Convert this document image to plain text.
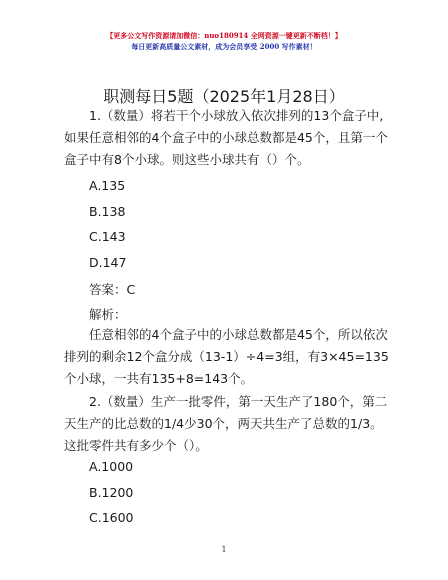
【更多公文写作资源请加微信：nuo180914 全网资源一键更新不断档！】
每日更新高质量公文素材，成为会员享受 2000 写作素材！
职测每日5题（2025年1月28日）
1.（数量）将若干个小球放入依次排列的13个盒子中,
如果任意相邻的4个盒子中的小球总数都是45个，且第一个
盒子中有8个小球。则这些小球共有（）个。
A.135
B.138
C.143
D.147
答案：C
解析：
任意相邻的4个盒子中的小球总数都是45个，所以依次
排列的剩余12个盒分成（13-1）÷4=3组，有3×45=135
个小球，一共有135+8=143个。
2.（数量）生产一批零件，第一天生产了180个，第二
天生产的比总数的1/4少30个，两天共生产了总数的1/3。
这批零件共有多少个（）。
A.1000
B.1200
C.1600
1
